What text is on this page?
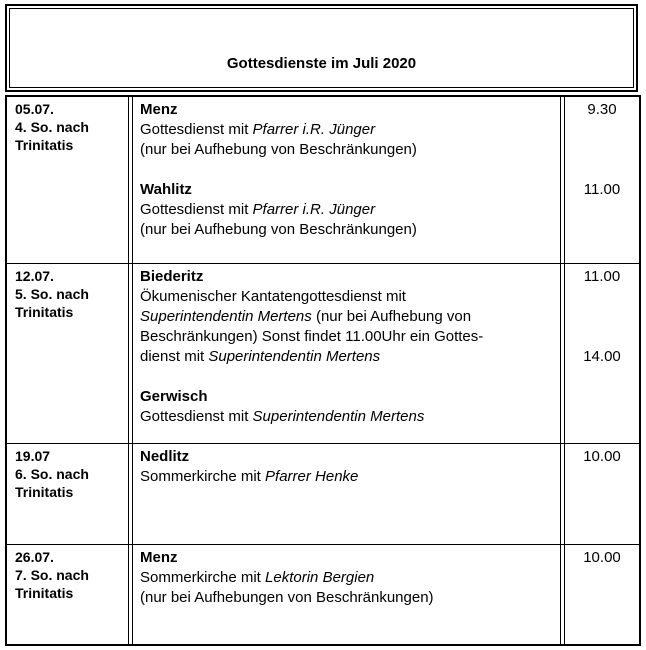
Gottesdienste im Juli 2020
05.07.
4. So. nach
Trinitatis
Menz
Gottesdienst mit Pfarrer i.R. Jünger
(nur bei Aufhebung von Beschränkungen)
Wahlitz
Gottesdienst mit Pfarrer i.R. Jünger
(nur bei Aufhebung von Beschränkungen)
9.30
11.00
12.07.
5. So. nach
Trinitatis
Biederitz
Ökumenischer Kantatengottesdienst mit
Superintendentin Mertens (nur bei Aufhebung von
Beschränkungen) Sonst findet 11.00Uhr ein Gottes-
dienst mit Superintendentin Mertens
Gerwisch
Gottesdienst mit Superintendentin Mertens
11.00
14.00
19.07
6. So. nach
Trinitatis
Nedlitz
Sommerkirche mit Pfarrer Henke
10.00
26.07.
7. So. nach
Trinitatis
Menz
Sommerkirche mit Lektorin Bergien
(nur bei Aufhebungen von Beschränkungen)
10.00
